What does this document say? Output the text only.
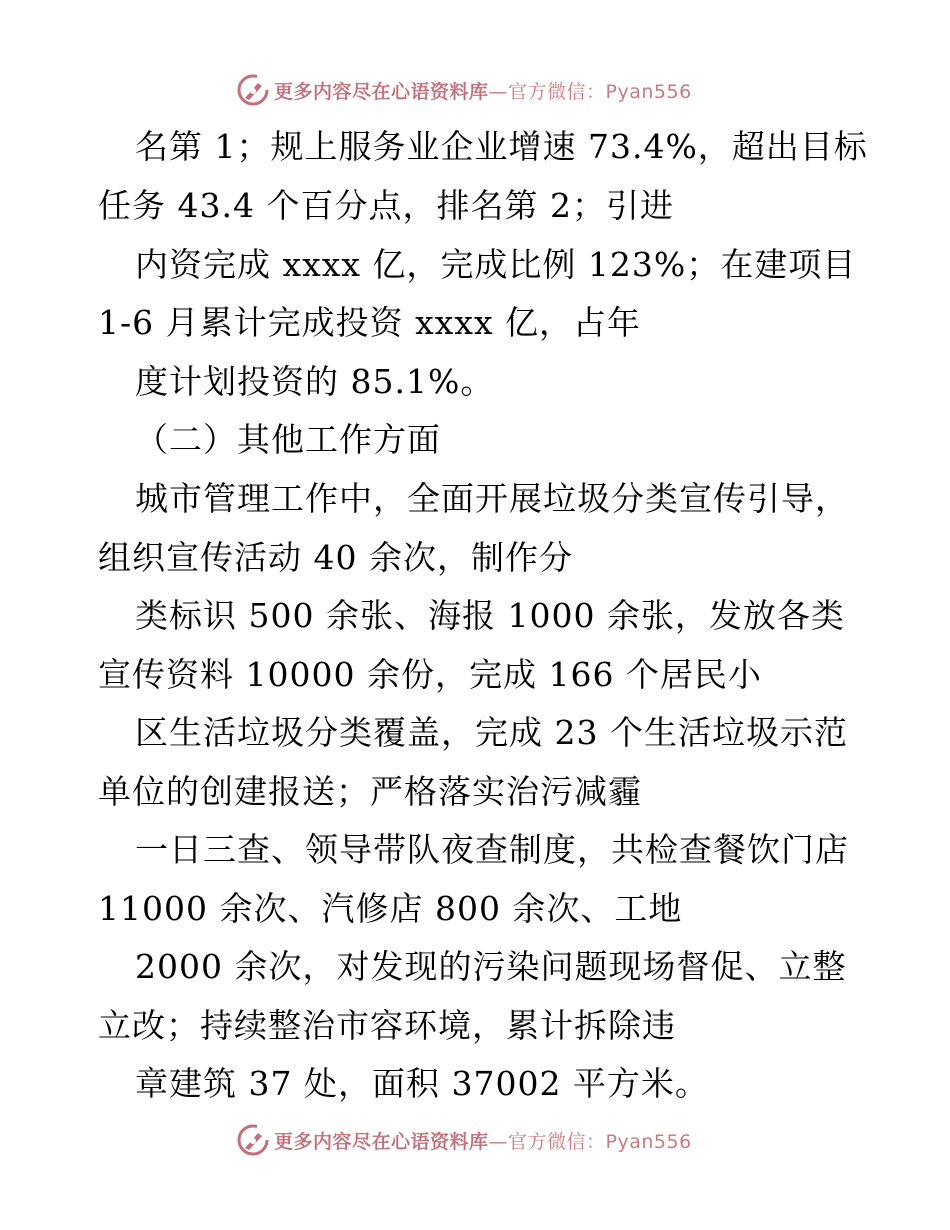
更多内容尽在心语资料库—官方微信：Pyan556
名第 1；规上服务业企业增速 73.4%，超出目标
任务 43.4 个百分点，排名第 2；引进
内资完成 xxxx 亿，完成比例 123%；在建项目
1-6 月累计完成投资 xxxx 亿，占年
度计划投资的 85.1%。
（二）其他工作方面
城市管理工作中，全面开展垃圾分类宣传引导，
组织宣传活动 40 余次，制作分
类标识 500 余张、海报 1000 余张，发放各类
宣传资料 10000 余份，完成 166 个居民小
区生活垃圾分类覆盖，完成 23 个生活垃圾示范
单位的创建报送；严格落实治污减霾
一日三查、领导带队夜查制度，共检查餐饮门店
11000 余次、汽修店 800 余次、工地
2000 余次，对发现的污染问题现场督促、立整
立改；持续整治市容环境，累计拆除违
章建筑 37 处，面积 37002 平方米。
更多内容尽在心语资料库—官方微信：Pyan556
